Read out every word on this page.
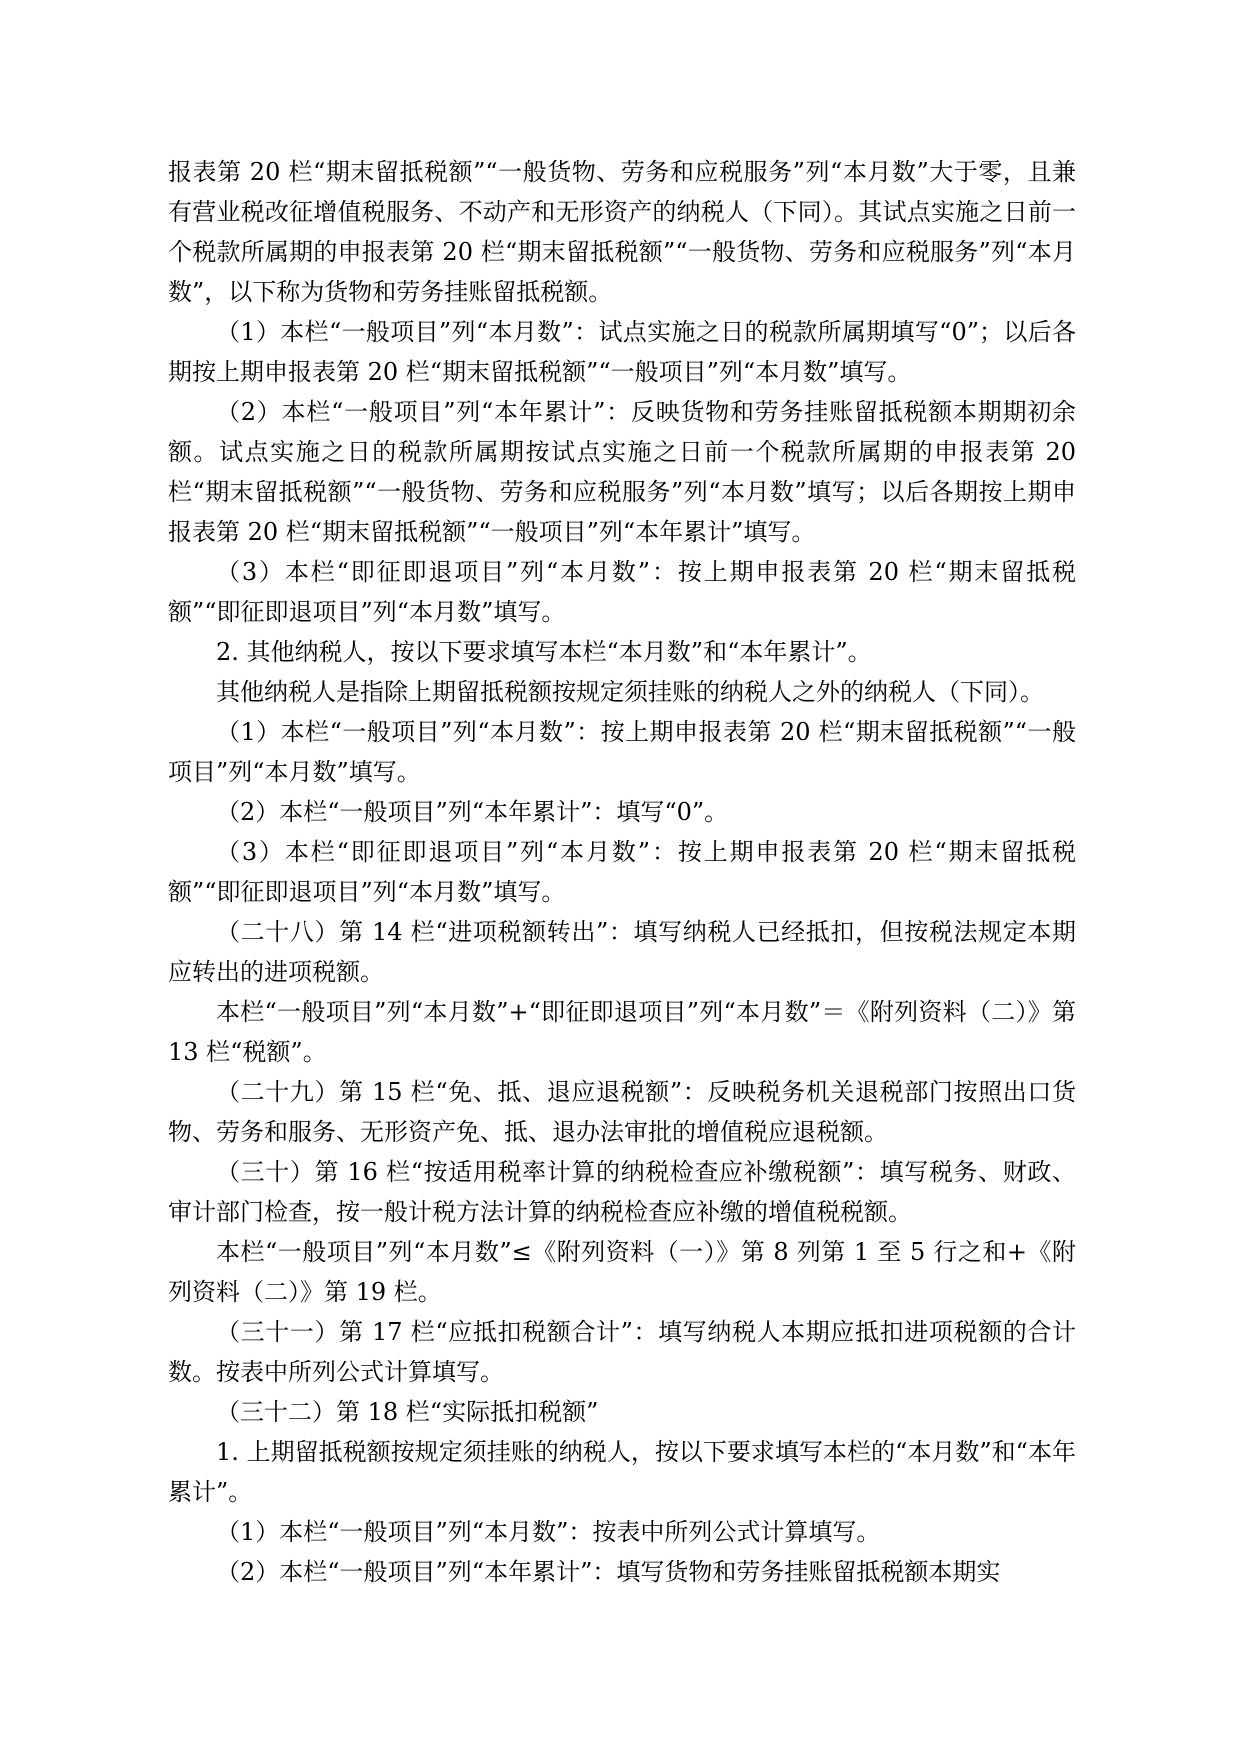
报表第 20 栏“期末留抵税额”“一般货物、劳务和应税服务”列“本月数”大于零，且兼有营业税改征增值税服务、不动产和无形资产的纳税人（下同）。其试点实施之日前一个税款所属期的申报表第 20 栏“期末留抵税额”“一般货物、劳务和应税服务”列“本月数”，以下称为货物和劳务挂账留抵税额。

（1）本栏“一般项目”列“本月数”：试点实施之日的税款所属期填写“0”；以后各期按上期申报表第 20 栏“期末留抵税额”“一般项目”列“本月数”填写。

（2）本栏“一般项目”列“本年累计”：反映货物和劳务挂账留抵税额本期期初余额。试点实施之日的税款所属期按试点实施之日前一个税款所属期的申报表第 20 栏“期末留抵税额”“一般货物、劳务和应税服务”列“本月数”填写；以后各期按上期申报表第 20 栏“期末留抵税额”“一般项目”列“本年累计”填写。

（3）本栏“即征即退项目”列“本月数”：按上期申报表第 20 栏“期末留抵税额”“即征即退项目”列“本月数”填写。

2. 其他纳税人，按以下要求填写本栏“本月数”和“本年累计”。

其他纳税人是指除上期留抵税额按规定须挂账的纳税人之外的纳税人（下同）。

（1）本栏“一般项目”列“本月数”：按上期申报表第 20 栏“期末留抵税额”“一般项目”列“本月数”填写。

（2）本栏“一般项目”列“本年累计”：填写“0”。

（3）本栏“即征即退项目”列“本月数”：按上期申报表第 20 栏“期末留抵税额”“即征即退项目”列“本月数”填写。

（二十八）第 14 栏“进项税额转出”：填写纳税人已经抵扣，但按税法规定本期应转出的进项税额。

本栏“一般项目”列“本月数”+“即征即退项目”列“本月数”＝《附列资料（二）》第 13 栏“税额”。

（二十九）第 15 栏“免、抵、退应退税额”：反映税务机关退税部门按照出口货物、劳务和服务、无形资产免、抵、退办法审批的增值税应退税额。

（三十）第 16 栏“按适用税率计算的纳税检查应补缴税额”：填写税务、财政、审计部门检查，按一般计税方法计算的纳税检查应补缴的增值税税额。

本栏“一般项目”列“本月数”≤《附列资料（一）》第 8 列第 1 至 5 行之和+《附列资料（二）》第 19 栏。

（三十一）第 17 栏“应抵扣税额合计”：填写纳税人本期应抵扣进项税额的合计数。按表中所列公式计算填写。

（三十二）第 18 栏“实际抵扣税额”

1. 上期留抵税额按规定须挂账的纳税人，按以下要求填写本栏的“本月数”和“本年累计”。

（1）本栏“一般项目”列“本月数”：按表中所列公式计算填写。

（2）本栏“一般项目”列“本年累计”：填写货物和劳务挂账留抵税额本期实
